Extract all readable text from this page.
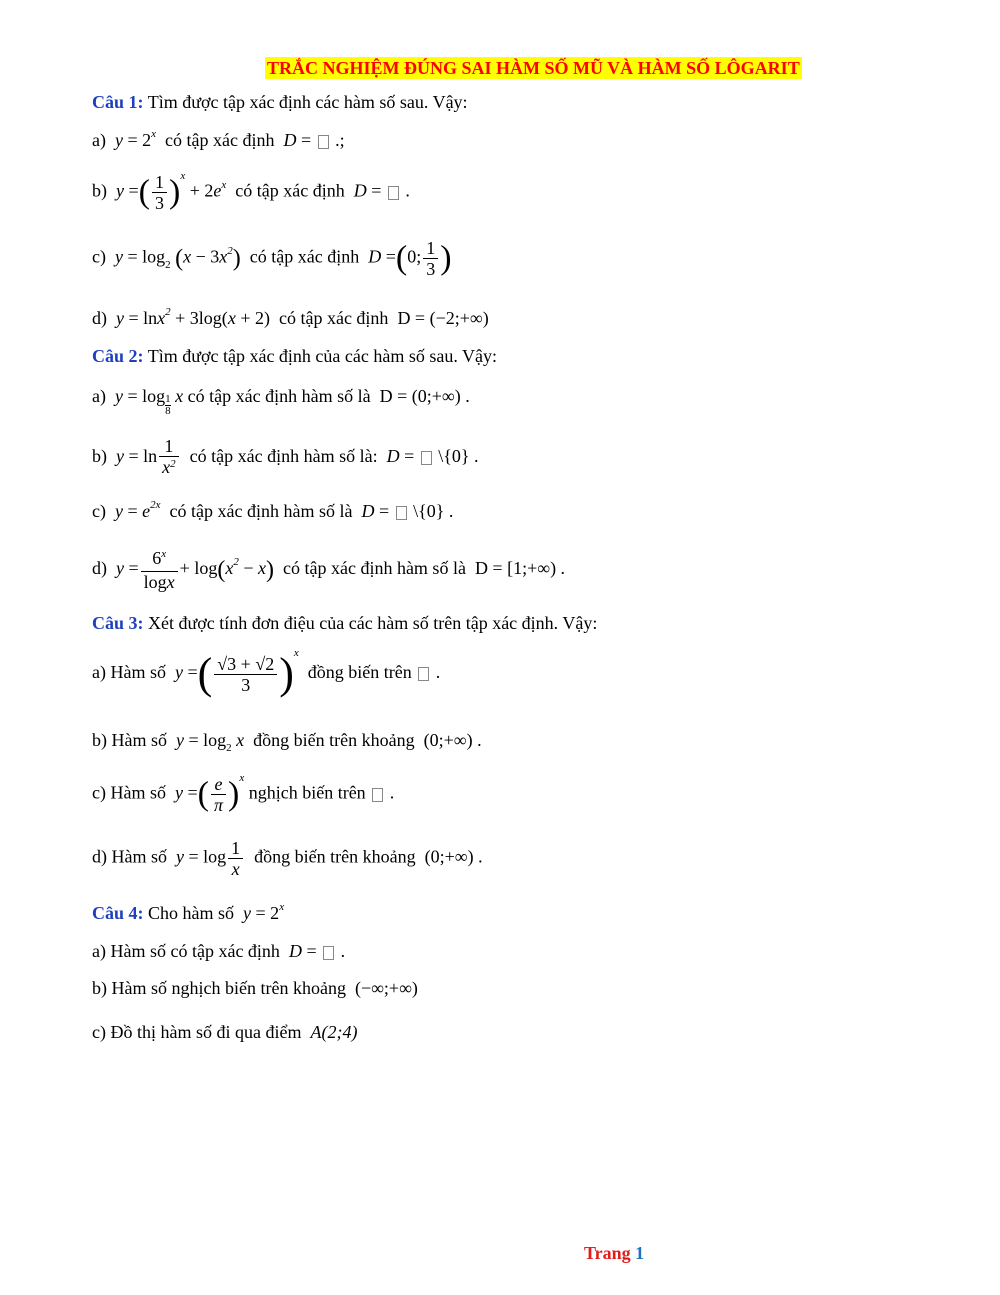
TRẮC NGHIỆM ĐÚNG SAI HÀM SỐ MŨ VÀ HÀM SỐ LÔGARIT
Câu 1: Tìm được tập xác định các hàm số sau. Vậy:
a) $y = 2^x$ có tập xác định D =  .;
b) y =( $\frac{1}{3} )^x + 2e^x$ có tập xác định D =  .
c) $y = \log_2 (x - 3x^2)$ có tập xác định D =(0; $\frac{1}{3}$ )
d) y = lnx$^2$ + 3log(x + 2)  có tập xác định D = (−2;+∞)
Câu 2: Tìm được tập xác định của các hàm số sau. Vậy:
a) $y = \log \frac{1}{8}$ x có tập xác định hàm số là D = (0;+∞) .
b) $y = \ln \frac{1}{x^2}$ có tập xác định hàm số là: D =  \{0} .
c) $y = e^{2x}$ có tập xác định hàm số là D =  \{0} .
d) $y = \frac{6^x}{\log x} + \log(x^2 - x)$ có tập xác định hàm số là D = [1;+∞) .
Câu 3: Xét được tính đơn điệu của các hàm số trên tập xác định. Vậy:
a) Hàm số y =( $\frac{√3 + √2}{3} )^x$  đồng biến trên .
b) Hàm số $y = \log_2 x$ đồng biến trên khoảng (0;+∞) .
c) Hàm số y =( $\frac{e}{\pi} )^x$ nghịch biến trên .
d) Hàm số $y = \log \frac{1}{x}$ đồng biến trên khoảng (0;+∞) .
Câu 4: Cho hàm số $y = 2^x$
a) Hàm số có tập xác định D =  .
b) Hàm số nghịch biến trên khoảng (−∞;+∞)
c) Đồ thị hàm số đi qua điểm A(2;4)
Trang 1
